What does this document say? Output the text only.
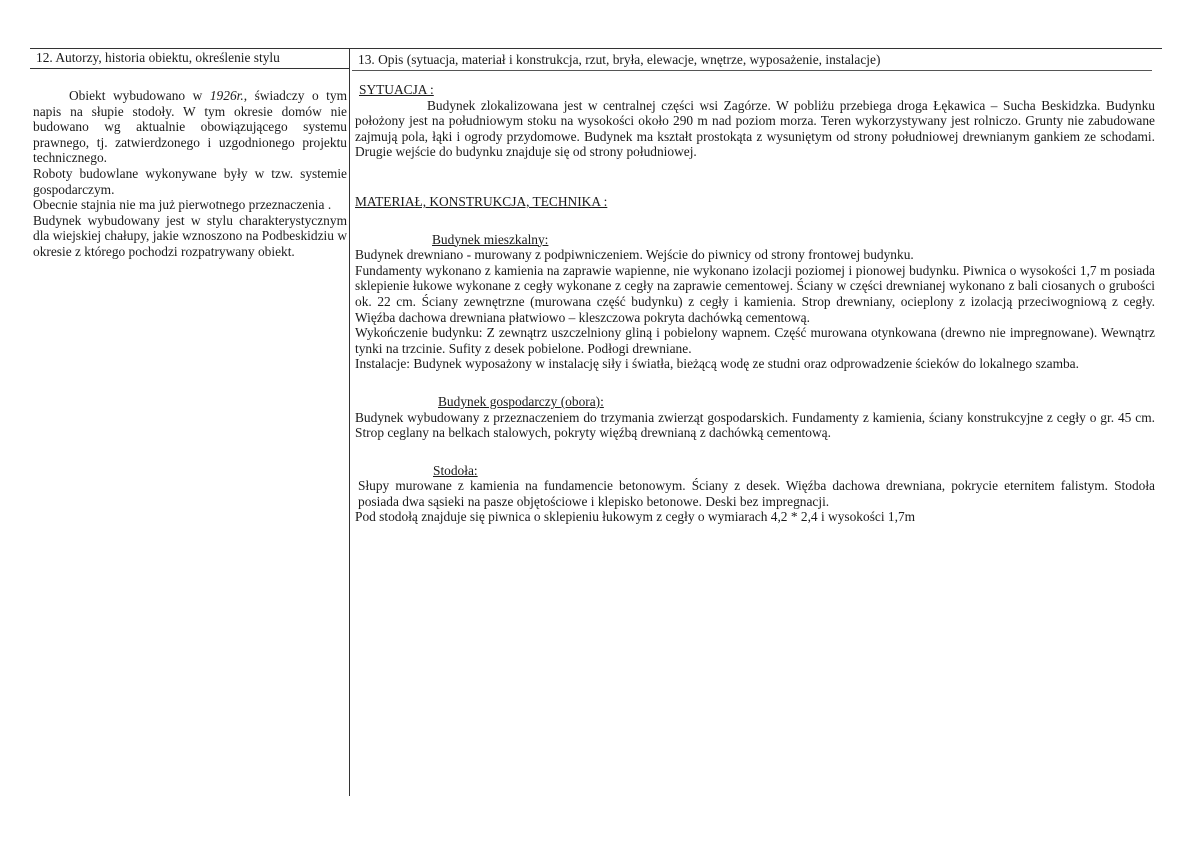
12. Autorzy, historia obiektu, określenie stylu	13. Opis (sytuacja, materiał i konstrukcja, rzut, bryła, elewacje, wnętrze, wyposażenie, instalacje)

Obiekt wybudowano w 1926r., świadczy o tym napis na słupie stodoły. W tym okresie domów nie budowano wg aktualnie obowiązującego systemu prawnego, tj. zatwierdzonego i uzgodnionego projektu technicznego.

Roboty budowlane wykonywane były w tzw. systemie gospodarczym.

Obecnie stajnia nie ma już pierwotnego przeznaczenia .

Budynek wybudowany jest w stylu charakterystycznym dla wiejskiej chałupy, jakie wznoszono na Podbeskidziu w okresie z którego pochodzi rozpatrywany obiekt.

SYTUACJA :

Budynek zlokalizowana jest w centralnej części wsi Zagórze. W pobliżu przebiega droga Łękawica – Sucha Beskidzka. Budynku położony jest na południowym stoku na wysokości około 290 m nad poziom morza. Teren wykorzystywany jest rolniczo. Grunty nie zabudowane zajmują pola, łąki i ogrody przydomowe. Budynek ma kształt prostokąta z wysuniętym od strony południowej drewnianym gankiem ze schodami. Drugie wejście do budynku znajduje się od strony południowej.

MATERIAŁ, KONSTRUKCJA, TECHNIKA :
Budynek mieszkalny:

Budynek drewniano - murowany z podpiwniczeniem. Wejście do piwnicy od strony frontowej budynku.

Fundamenty wykonano z kamienia na zaprawie wapienne, nie wykonano izolacji poziomej i pionowej budynku. Piwnica o wysokości 1,7 m posiada sklepienie łukowe wykonane z cegły wykonane z cegły na zaprawie cementowej. Ściany w części drewnianej wykonano z bali ciosanych o grubości ok. 22 cm. Ściany zewnętrzne (murowana część budynku) z cegły i kamienia. Strop drewniany, ocieplony z izolacją przeciwogniową z cegły. Więźba dachowa drewniana płatwiowo – kleszczowa pokryta dachówką cementową.

Wykończenie budynku: Z zewnątrz uszczelniony gliną i pobielony wapnem. Część murowana otynkowana (drewno nie impregnowane). Wewnątrz tynki na trzcinie. Sufity z desek pobielone. Podłogi drewniane.

Instalacje: Budynek wyposażony w instalację siły i światła, bieżącą wodę ze studni oraz odprowadzenie ścieków do lokalnego szamba.

Budynek gospodarczy (obora):

Budynek wybudowany z przeznaczeniem do trzymania zwierząt gospodarskich. Fundamenty z kamienia, ściany konstrukcyjne z cegły o gr. 45 cm. Strop ceglany na belkach stalowych, pokryty więźbą drewnianą z dachówką cementową.

Stodoła:

Słupy murowane z kamienia na fundamencie betonowym. Ściany z desek. Więźba dachowa drewniana, pokrycie eternitem falistym. Stodoła posiada dwa sąsieki na pasze objętościowe i klepisko betonowe. Deski bez impregnacji.

Pod stodołą znajduje się piwnica o sklepieniu łukowym z cegły o wymiarach 4,2 * 2,4 i wysokości 1,7m
